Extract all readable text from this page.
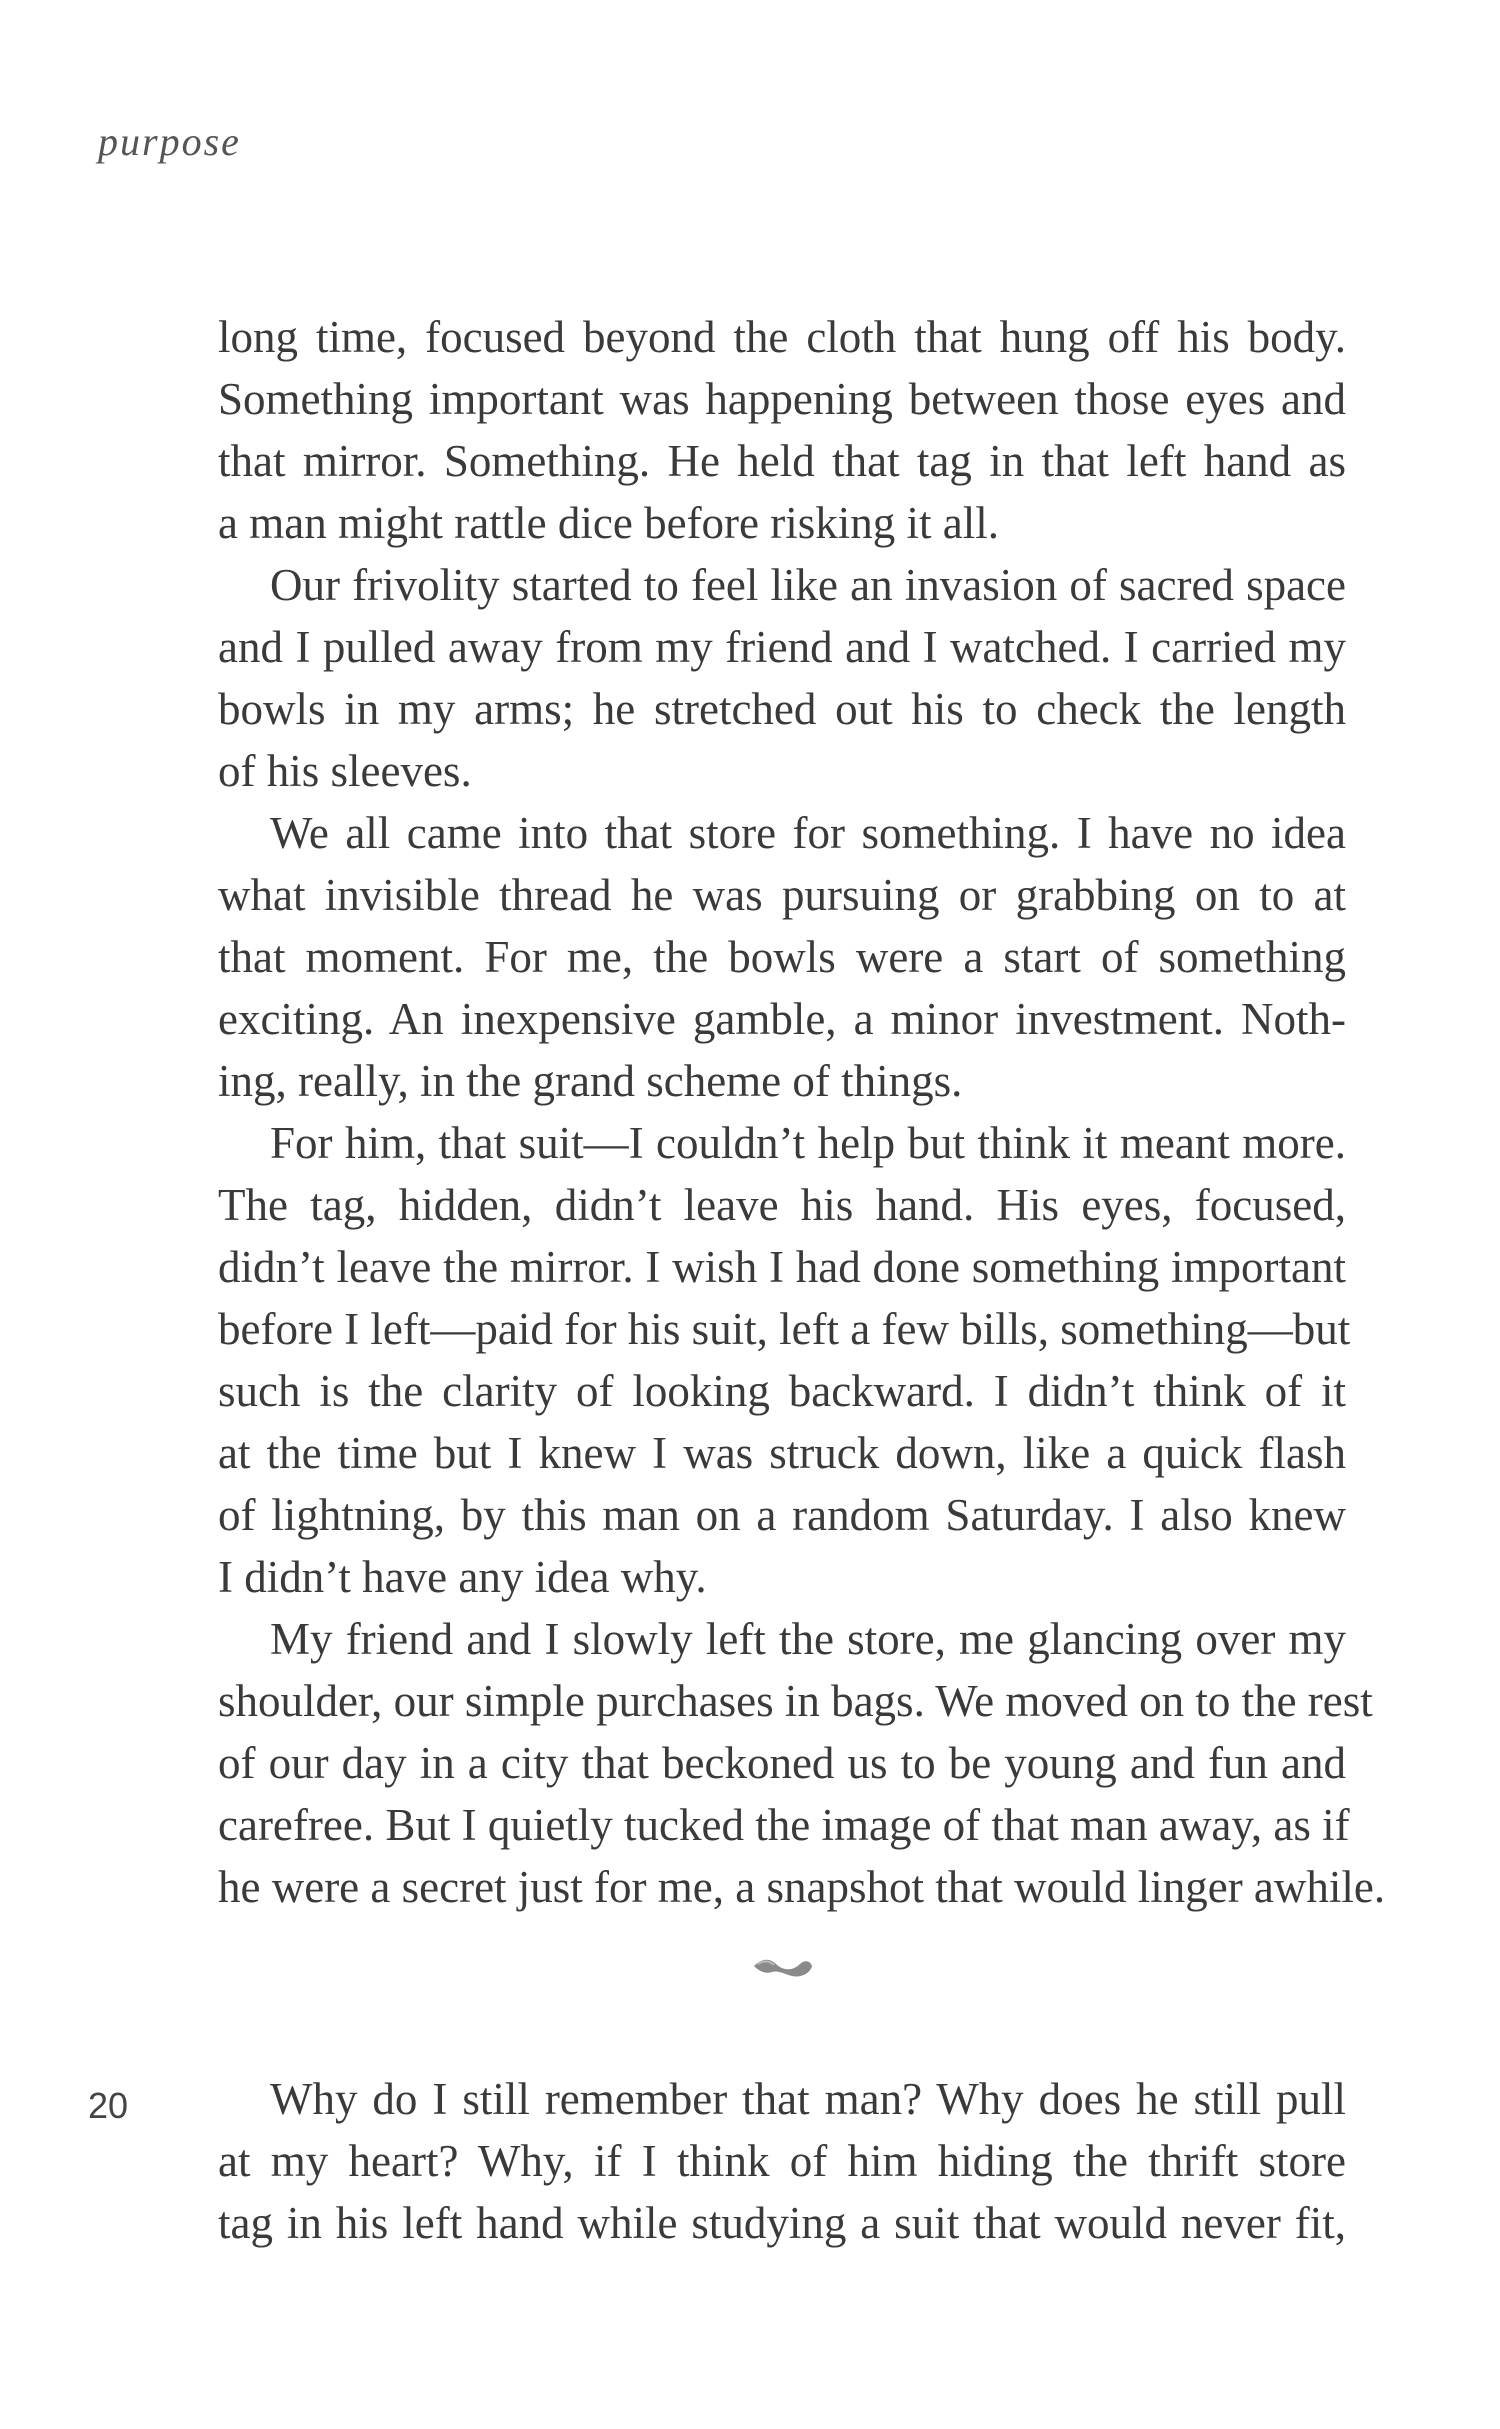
purpose
long time, focused beyond the cloth that hung off his body.
Something important was happening between those eyes and
that mirror. Something. He held that tag in that left hand as
a man might rattle dice before risking it all.
Our frivolity started to feel like an invasion of sacred space
and I pulled away from my friend and I watched. I carried my
bowls in my arms; he stretched out his to check the length
of his sleeves.
We all came into that store for something. I have no idea
what invisible thread he was pursuing or grabbing on to at
that moment. For me, the bowls were a start of something
exciting. An inexpensive gamble, a minor investment. Noth-
ing, really, in the grand scheme of things.
For him, that suit—I couldn’t help but think it meant more.
The tag, hidden, didn’t leave his hand. His eyes, focused,
didn’t leave the mirror. I wish I had done something important
before I left—paid for his suit, left a few bills, something—but
such is the clarity of looking backward. I didn’t think of it
at the time but I knew I was struck down, like a quick flash
of lightning, by this man on a random Saturday. I also knew
I didn’t have any idea why.
My friend and I slowly left the store, me glancing over my
shoulder, our simple purchases in bags. We moved on to the rest
of our day in a city that beckoned us to be young and fun and
carefree. But I quietly tucked the image of that man away, as if
he were a secret just for me, a snapshot that would linger awhile.
Why do I still remember that man? Why does he still pull
at my heart? Why, if I think of him hiding the thrift store
tag in his left hand while studying a suit that would never fit,
20
